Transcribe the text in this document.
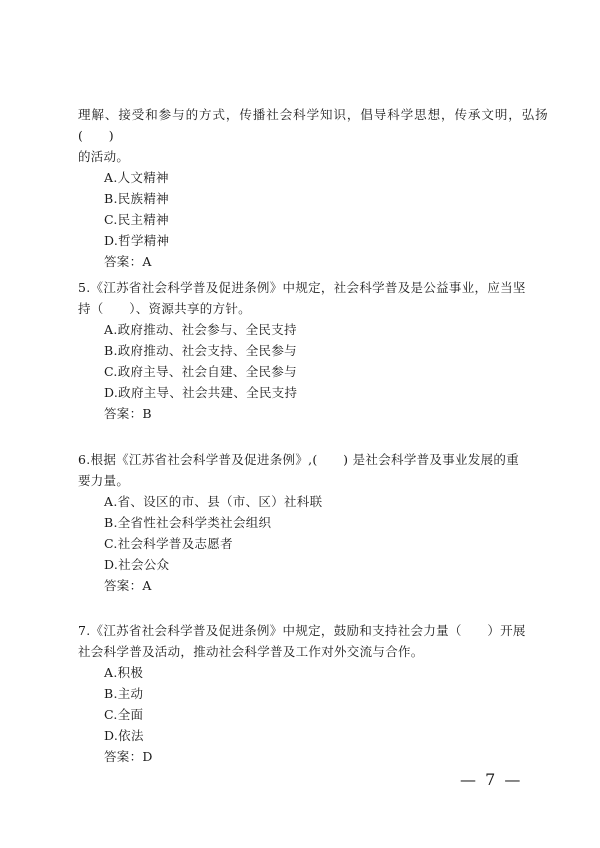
理解、接受和参与的方式，传播社会科学知识，倡导科学思想，传承文明，弘扬(　　)
的活动。

A.人文精神
B.民族精神
C.民主精神
D.哲学精神
答案：A

5.《江苏省社会科学普及促进条例》中规定，社会科学普及是公益事业，应当坚
持（　　）、资源共享的方针。

A.政府推动、社会参与、全民支持
B.政府推动、社会支持、全民参与
C.政府主导、社会自建、全民参与
D.政府主导、社会共建、全民支持
答案：B

6.根据《江苏省社会科学普及促进条例》,(　　) 是社会科学普及事业发展的重
要力量。

A.省、设区的市、县（市、区）社科联
B.全省性社会科学类社会组织
C.社会科学普及志愿者
D.社会公众
答案：A

7.《江苏省社会科学普及促进条例》中规定，鼓励和支持社会力量（　　）开展
社会科学普及活动，推动社会科学普及工作对外交流与合作。

A.积极
B.主动
C.全面
D.依法
答案：D
— 7 —
